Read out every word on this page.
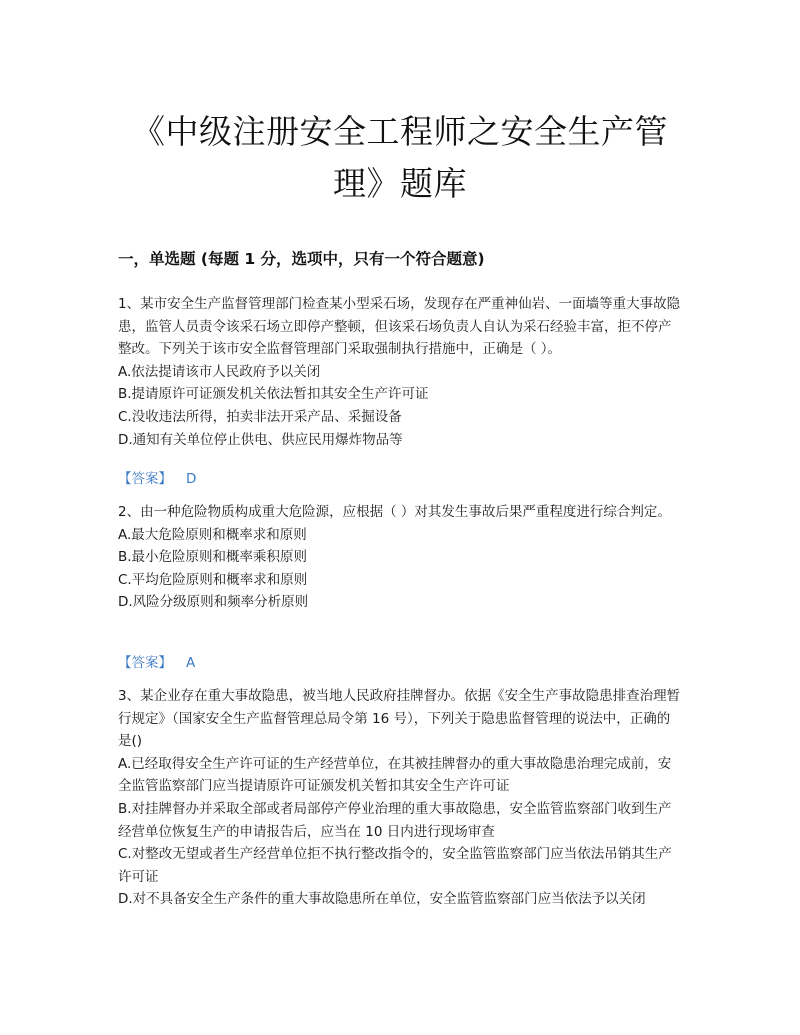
《中级注册安全工程师之安全生产管
理》题库
一，单选题 (每题 1 分，选项中，只有一个符合题意)

1、某市安全生产监督管理部门检查某小型采石场，发现存在严重神仙岩、一面墙等重大事故隐患，监管人员责令该采石场立即停产整顿，但该采石场负责人自认为采石经验丰富，拒不停产整改。下列关于该市安全监督管理部门采取强制执行措施中，正确是（ ）。

A.依法提请该市人民政府予以关闭

B.提请原许可证颁发机关依法暂扣其安全生产许可证

C.没收违法所得，拍卖非法开采产品、采掘设备

D.通知有关单位停止供电、供应民用爆炸物品等

【答案】 D

2、由一种危险物质构成重大危险源，应根据（ ）对其发生事故后果严重程度进行综合判定。

A.最大危险原则和概率求和原则

B.最小危险原则和概率乘积原则

C.平均危险原则和概率求和原则

D.风险分级原则和频率分析原则

【答案】 A

3、某企业存在重大事故隐患，被当地人民政府挂牌督办。依据《安全生产事故隐患排查治理暂行规定》（国家安全生产监督管理总局令第 16 号），下列关于隐患监督管理的说法中，正确的是()

A.已经取得安全生产许可证的生产经营单位，在其被挂牌督办的重大事故隐患治理完成前，安全监管监察部门应当提请原许可证颁发机关暂扣其安全生产许可证

B.对挂牌督办并采取全部或者局部停产停业治理的重大事故隐患，安全监管监察部门收到生产经营单位恢复生产的申请报告后，应当在 10 日内进行现场审查

C.对整改无望或者生产经营单位拒不执行整改指令的，安全监管监察部门应当依法吊销其生产许可证

D.对不具备安全生产条件的重大事故隐患所在单位，安全监管监察部门应当依法予以关闭
